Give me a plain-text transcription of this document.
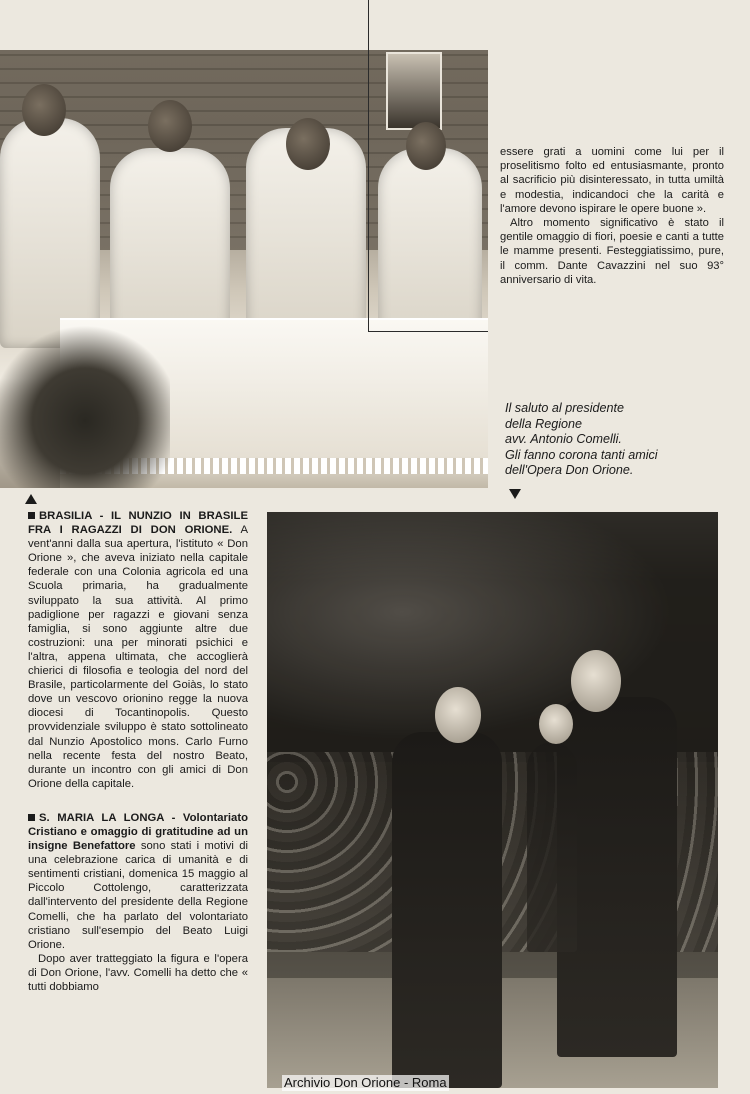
essere grati a uomini come lui per il proselitismo folto ed entusiasmante, pronto al sacrificio più disinteressato, in tutta umiltà e modestia, indicandoci che la carità e l'amore devono ispirare le opere buone ».

Altro momento significativo è stato il gentile omaggio di fiori, poesie e canti a tutte le mamme presenti. Festeggiatissimo, pure, il comm. Dante Cavazzini nel suo 93° anniversario di vita.

Il saluto al presidente
della Regione
avv. Antonio Comelli.
Gli fanno corona tanti amici
dell'Opera Don Orione.

BRASILIA - IL NUNZIO IN BRASILE FRA I RAGAZZI DI DON ORIONE. A vent'anni dalla sua apertura, l'istituto « Don Orione », che aveva iniziato nella capitale federale con una Colonia agricola ed una Scuola primaria, ha gradualmente sviluppato la sua attività. Al primo padiglione per ragazzi e giovani senza famiglia, si sono aggiunte altre due costruzioni: una per minorati psichici e l'altra, appena ultimata, che accoglierà chierici di filosofia e teologia del nord del Brasile, particolarmente del Goiàs, lo stato dove un vescovo orionino regge la nuova diocesi di Tocantinopolis. Questo provvidenziale sviluppo è stato sottolineato dal Nunzio Apostolico mons. Carlo Furno nella recente festa del nostro Beato, durante un incontro con gli amici di Don Orione della capitale.

S. MARIA LA LONGA - Volontariato Cristiano e omaggio di gratitudine ad un insigne Benefattore sono stati i motivi di una celebrazione carica di umanità e di sentimenti cristiani, domenica 15 maggio al Piccolo Cottolengo, caratterizzata dall'intervento del presidente della Regione Comelli, che ha parlato del volontariato cristiano sull'esempio del Beato Luigi Orione.

Dopo aver tratteggiato la figura e l'opera di Don Orione, l'avv. Comelli ha detto che « tutti dobbiamo

Archivio Don Orione - Roma
